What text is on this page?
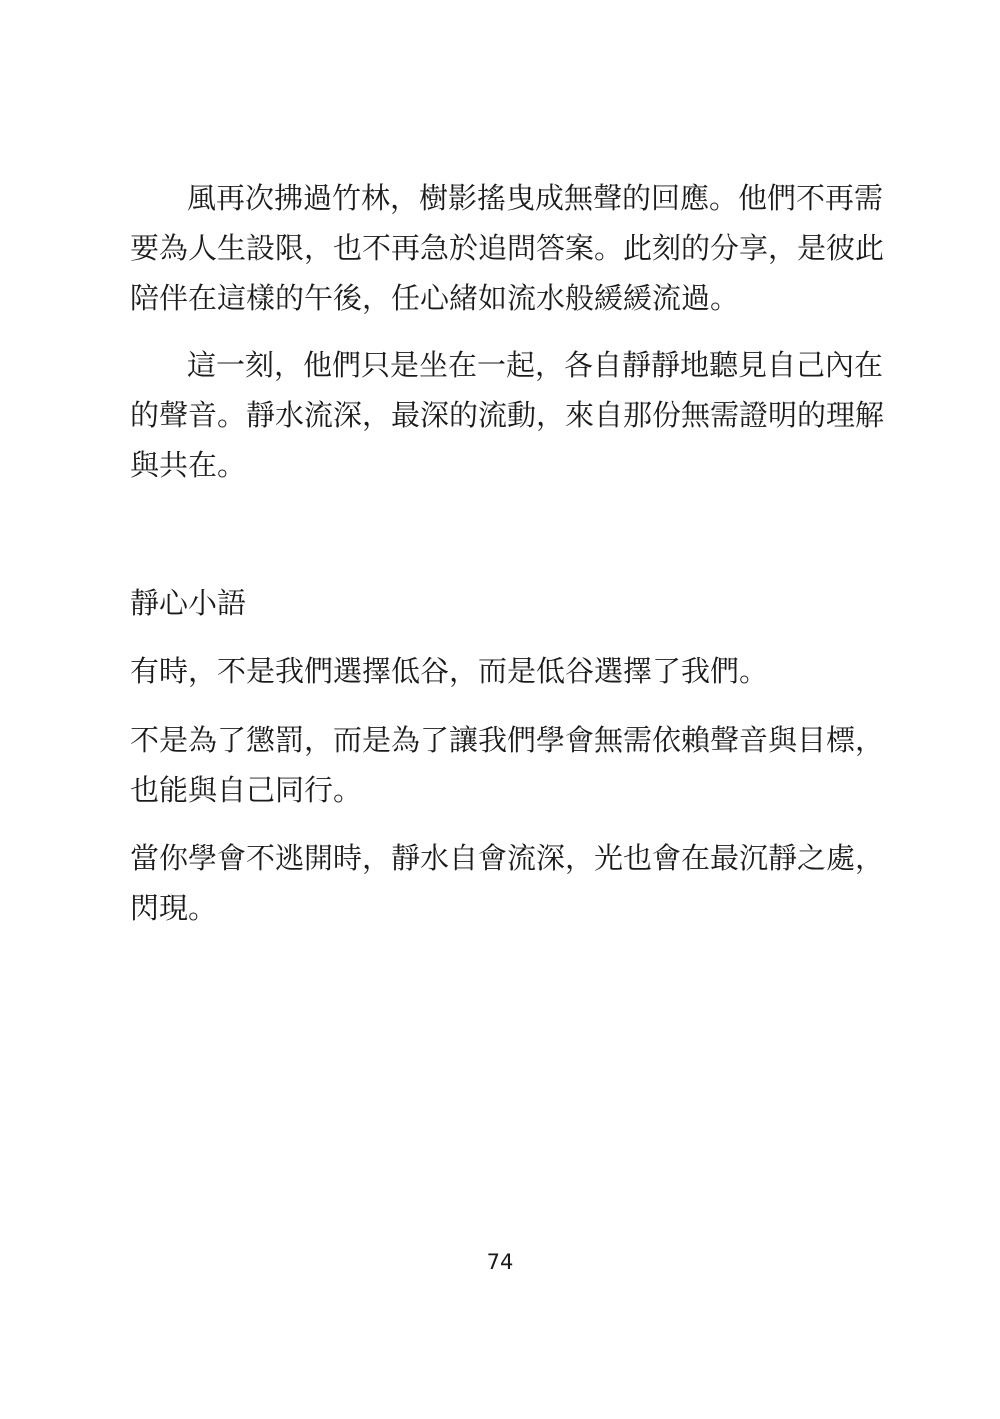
風再次拂過竹林，樹影搖曳成無聲的回應。他們不再需
要為人生設限，也不再急於追問答案。此刻的分享，是彼此
陪伴在這樣的午後，任心緒如流水般緩緩流過。
這一刻，他們只是坐在一起，各自靜靜地聽見自己內在
的聲音。靜水流深，最深的流動，來自那份無需證明的理解
與共在。
靜心小語
有時，不是我們選擇低谷，而是低谷選擇了我們。
不是為了懲罰，而是為了讓我們學會無需依賴聲音與目標，
也能與自己同行。
當你學會不逃開時，靜水自會流深，光也會在最沉靜之處，
閃現。
74
